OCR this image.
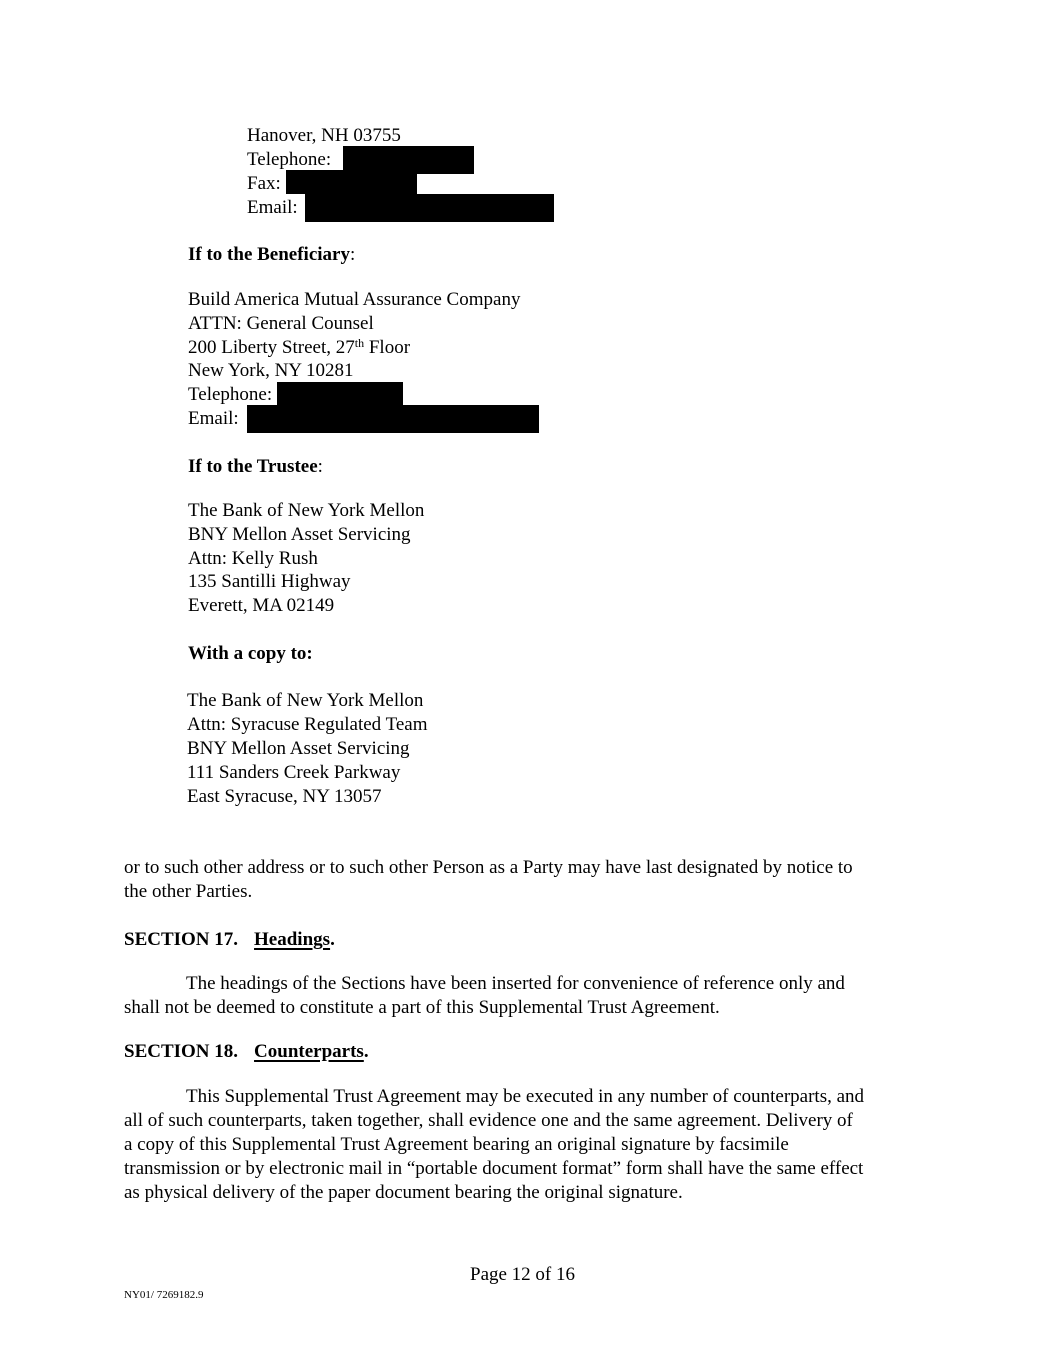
Hanover, NH 03755
Telephone:
Fax:
Email:
If to the Beneficiary:
Build America Mutual Assurance Company
ATTN: General Counsel
200 Liberty Street, 27th Floor
New York, NY 10281
Telephone:
Email:
If to the Trustee:
The Bank of New York Mellon
BNY Mellon Asset Servicing
Attn: Kelly Rush
135 Santilli Highway
Everett, MA 02149
With a copy to:
The Bank of New York Mellon
Attn: Syracuse Regulated Team
BNY Mellon Asset Servicing
111 Sanders Creek Parkway
East Syracuse, NY 13057
or to such other address or to such other Person as a Party may have last designated by notice to
the other Parties.
SECTION 17. Headings.
The headings of the Sections have been inserted for convenience of reference only and
shall not be deemed to constitute a part of this Supplemental Trust Agreement.
SECTION 18. Counterparts.
This Supplemental Trust Agreement may be executed in any number of counterparts, and
all of such counterparts, taken together, shall evidence one and the same agreement. Delivery of
a copy of this Supplemental Trust Agreement bearing an original signature by facsimile
transmission or by electronic mail in “portable document format” form shall have the same effect
as physical delivery of the paper document bearing the original signature.
Page 12 of 16
NY01/ 7269182.9
